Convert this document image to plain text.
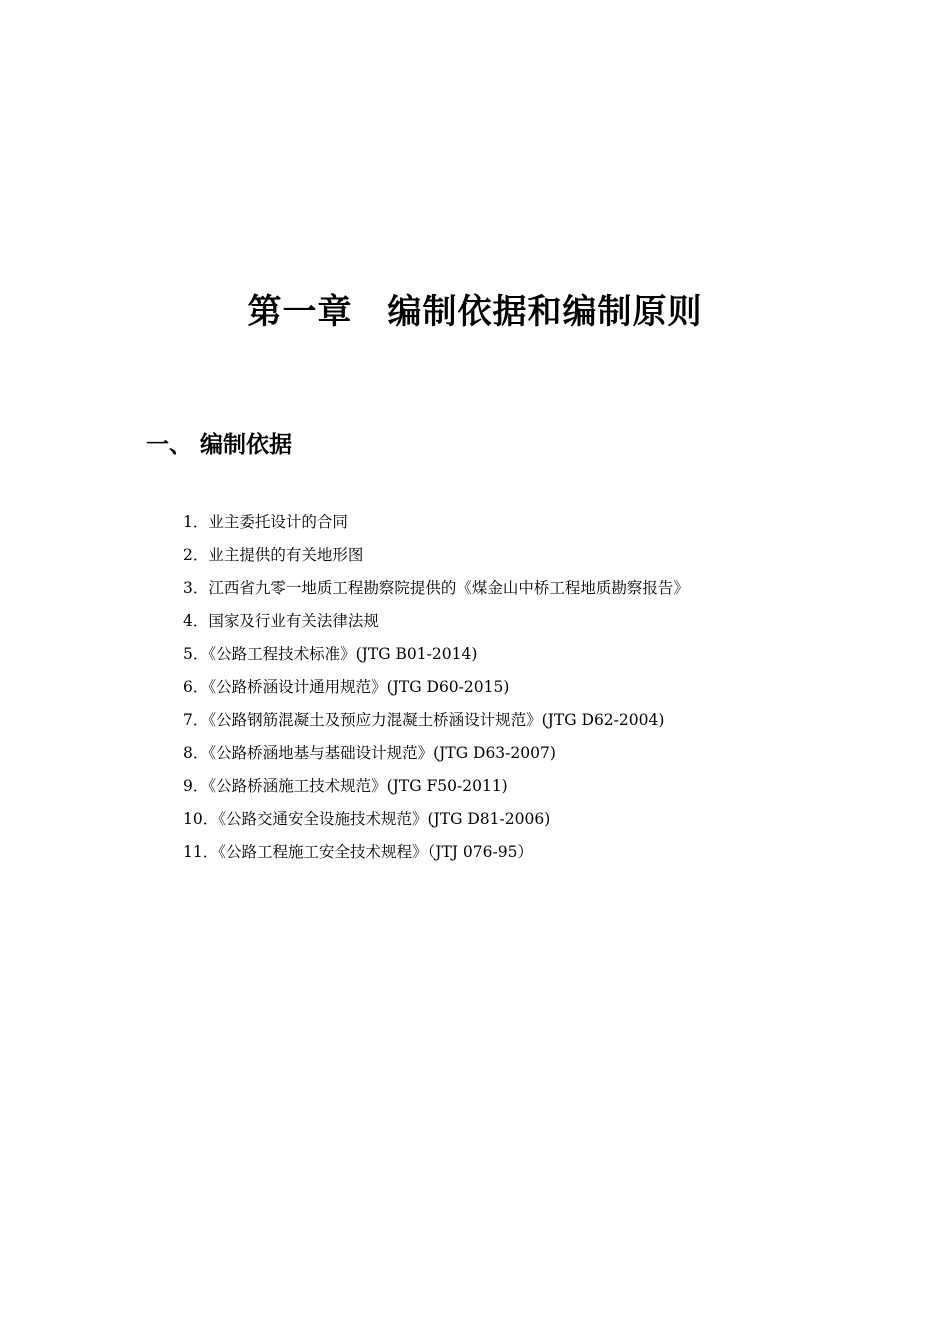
第一章　编制依据和编制原则
一、 编制依据
1．业主委托设计的合同
2．业主提供的有关地形图
3．江西省九零一地质工程勘察院提供的《煤金山中桥工程地质勘察报告》
4．国家及行业有关法律法规
5．《公路工程技术标准》(JTG B01-2014)
6．《公路桥涵设计通用规范》(JTG D60-2015)
7．《公路钢筋混凝土及预应力混凝土桥涵设计规范》(JTG D62-2004)
8．《公路桥涵地基与基础设计规范》(JTG D63-2007)
9．《公路桥涵施工技术规范》(JTG F50-2011)
10．《公路交通安全设施技术规范》(JTG D81-2006)
11．《公路工程施工安全技术规程》（JTJ 076-95）
